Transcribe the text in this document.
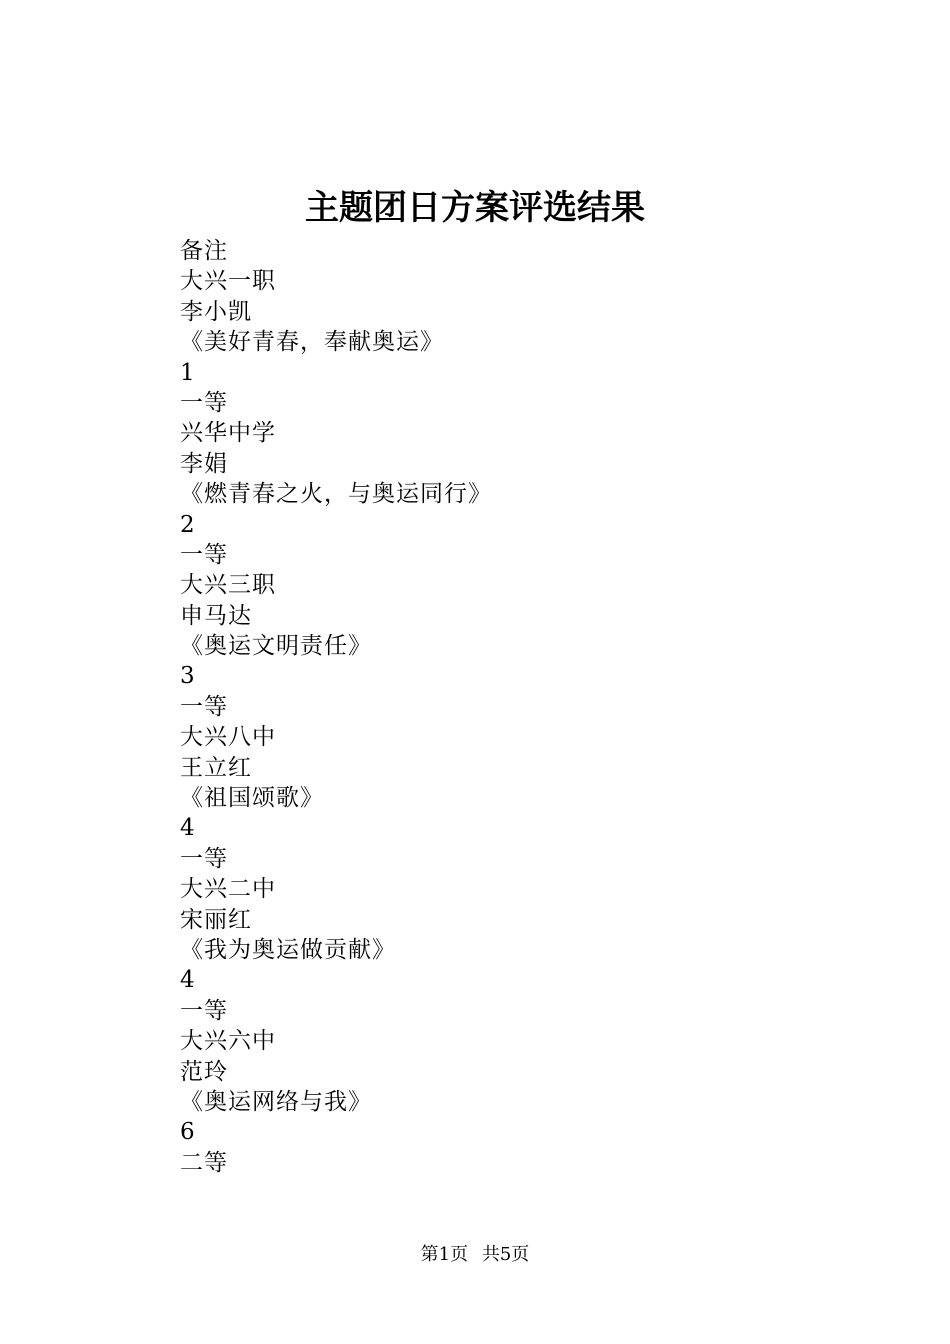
主题团日方案评选结果
备注
大兴一职
李小凯
《美好青春，奉献奥运》
1
一等
兴华中学
李娟
《燃青春之火，与奥运同行》
2
一等
大兴三职
申马达
《奥运文明责任》
3
一等
大兴八中
王立红
《祖国颂歌》
4
一等
大兴二中
宋丽红
《我为奥运做贡献》
4
一等
大兴六中
范玲
《奥运网络与我》
6
二等
第1页 共5页
